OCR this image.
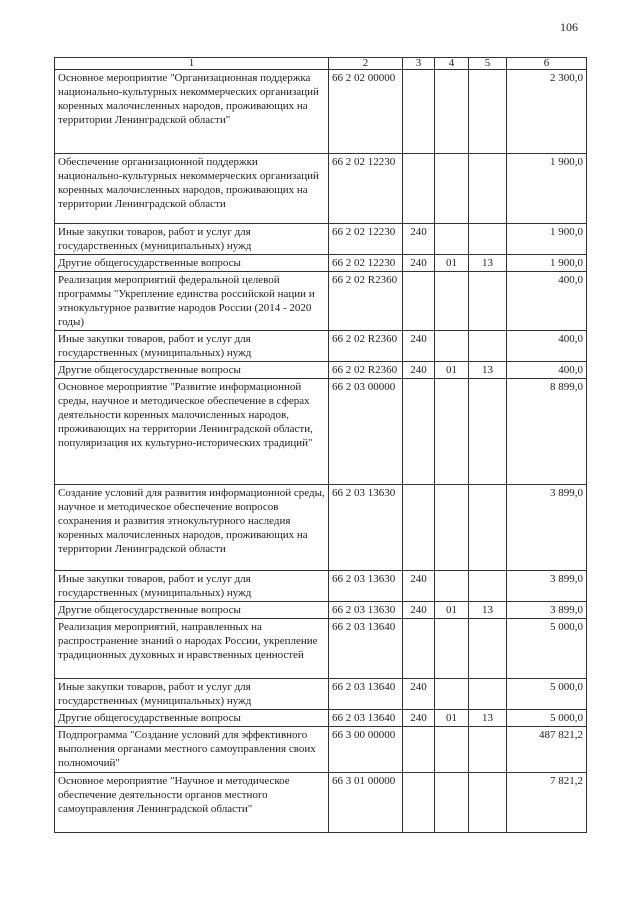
106
1	2	3	4	5	6
Основное мероприятие "Организационная поддержка национально-культурных некоммерческих организаций коренных малочисленных народов, проживающих на территории Ленинградской области"	66 2 02 00000				2 300,0
Обеспечение организационной поддержки национально-культурных некоммерческих организаций коренных малочисленных народов, проживающих на территории Ленинградской области	66 2 02 12230				1 900,0
Иные закупки товаров, работ и услуг для государственных (муниципальных) нужд	66 2 02 12230	240			1 900,0
Другие общегосударственные вопросы	66 2 02 12230	240	01	13	1 900,0
Реализация мероприятий федеральной целевой программы "Укрепление единства российской нации и этнокультурное развитие народов России (2014 - 2020 годы)	66 2 02 R2360				400,0
Иные закупки товаров, работ и услуг для государственных (муниципальных) нужд	66 2 02 R2360	240			400,0
Другие общегосударственные вопросы	66 2 02 R2360	240	01	13	400,0
Основное мероприятие "Развитие информационной среды, научное и методическое обеспечение в сферах деятельности коренных малочисленных народов, проживающих на территории Ленинградской области, популяризация их культурно-исторических традиций"	66 2 03 00000				8 899,0
Создание условий для развития информационной среды, научное и методическое обеспечение вопросов сохранения и развития этнокультурного наследия коренных малочисленных народов, проживающих на территории Ленинградской области	66 2 03 13630				3 899,0
Иные закупки товаров, работ и услуг для государственных (муниципальных) нужд	66 2 03 13630	240			3 899,0
Другие общегосударственные вопросы	66 2 03 13630	240	01	13	3 899,0
Реализация мероприятий, направленных на распространение знаний о народах России, укрепление традиционных духовных и нравственных ценностей	66 2 03 13640				5 000,0
Иные закупки товаров, работ и услуг для государственных (муниципальных) нужд	66 2 03 13640	240			5 000,0
Другие общегосударственные вопросы	66 2 03 13640	240	01	13	5 000,0
Подпрограмма "Создание условий для эффективного выполнения органами местного самоуправления своих полномочий"	66 3 00 00000				487 821,2
Основное мероприятие "Научное и методическое обеспечение деятельности органов местного самоуправления Ленинградской области"	66 3 01 00000				7 821,2
